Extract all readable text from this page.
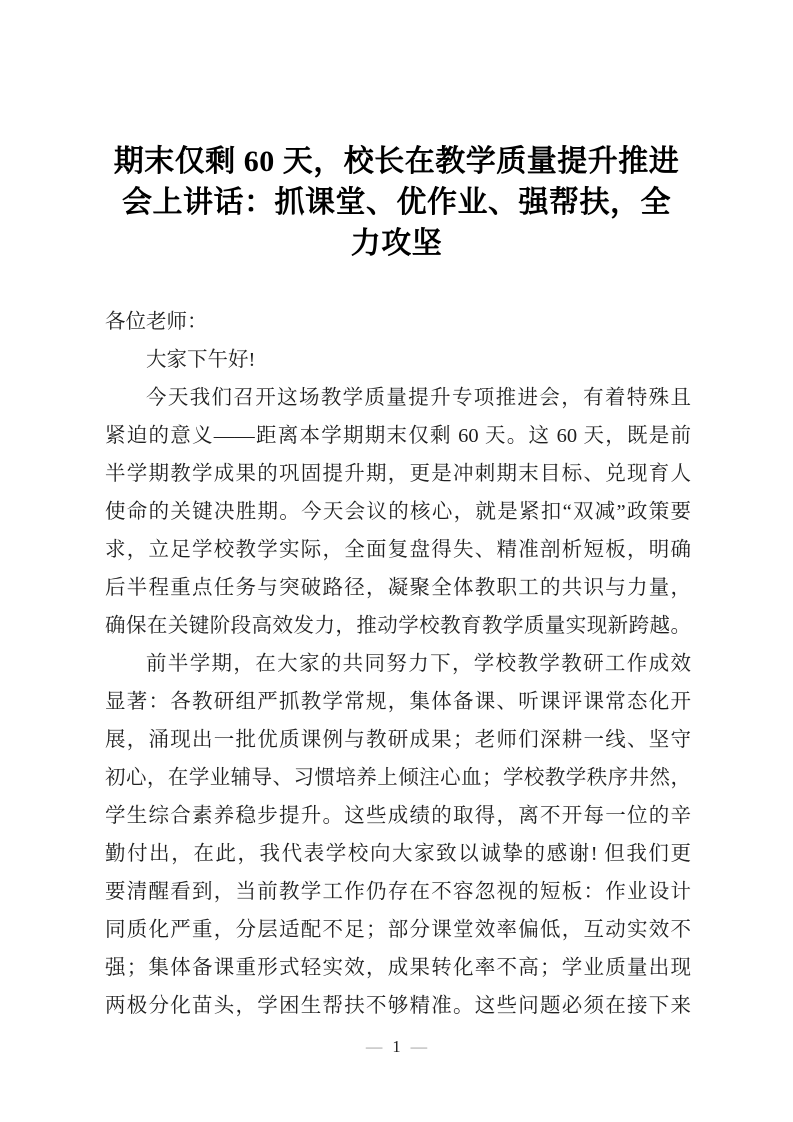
期末仅剩 60 天，校长在教学质量提升推进
会上讲话：抓课堂、优作业、强帮扶，全
力攻坚
各位老师：
大家下午好!
今天我们召开这场教学质量提升专项推进会，有着特殊且
紧迫的意义——距离本学期期末仅剩 60 天。这 60 天，既是前
半学期教学成果的巩固提升期，更是冲刺期末目标、兑现育人
使命的关键决胜期。今天会议的核心，就是紧扣“双减”政策要
求，立足学校教学实际，全面复盘得失、精准剖析短板，明确
后半程重点任务与突破路径，凝聚全体教职工的共识与力量，
确保在关键阶段高效发力，推动学校教育教学质量实现新跨越。
前半学期，在大家的共同努力下，学校教学教研工作成效
显著：各教研组严抓教学常规，集体备课、听课评课常态化开
展，涌现出一批优质课例与教研成果；老师们深耕一线、坚守
初心，在学业辅导、习惯培养上倾注心血；学校教学秩序井然，
学生综合素养稳步提升。这些成绩的取得，离不开每一位的辛
勤付出，在此，我代表学校向大家致以诚挚的感谢! 但我们更
要清醒看到，当前教学工作仍存在不容忽视的短板：作业设计
同质化严重，分层适配不足；部分课堂效率偏低，互动实效不
强；集体备课重形式轻实效，成果转化率不高；学业质量出现
两极分化苗头，学困生帮扶不够精准。这些问题必须在接下来
— 1 —
